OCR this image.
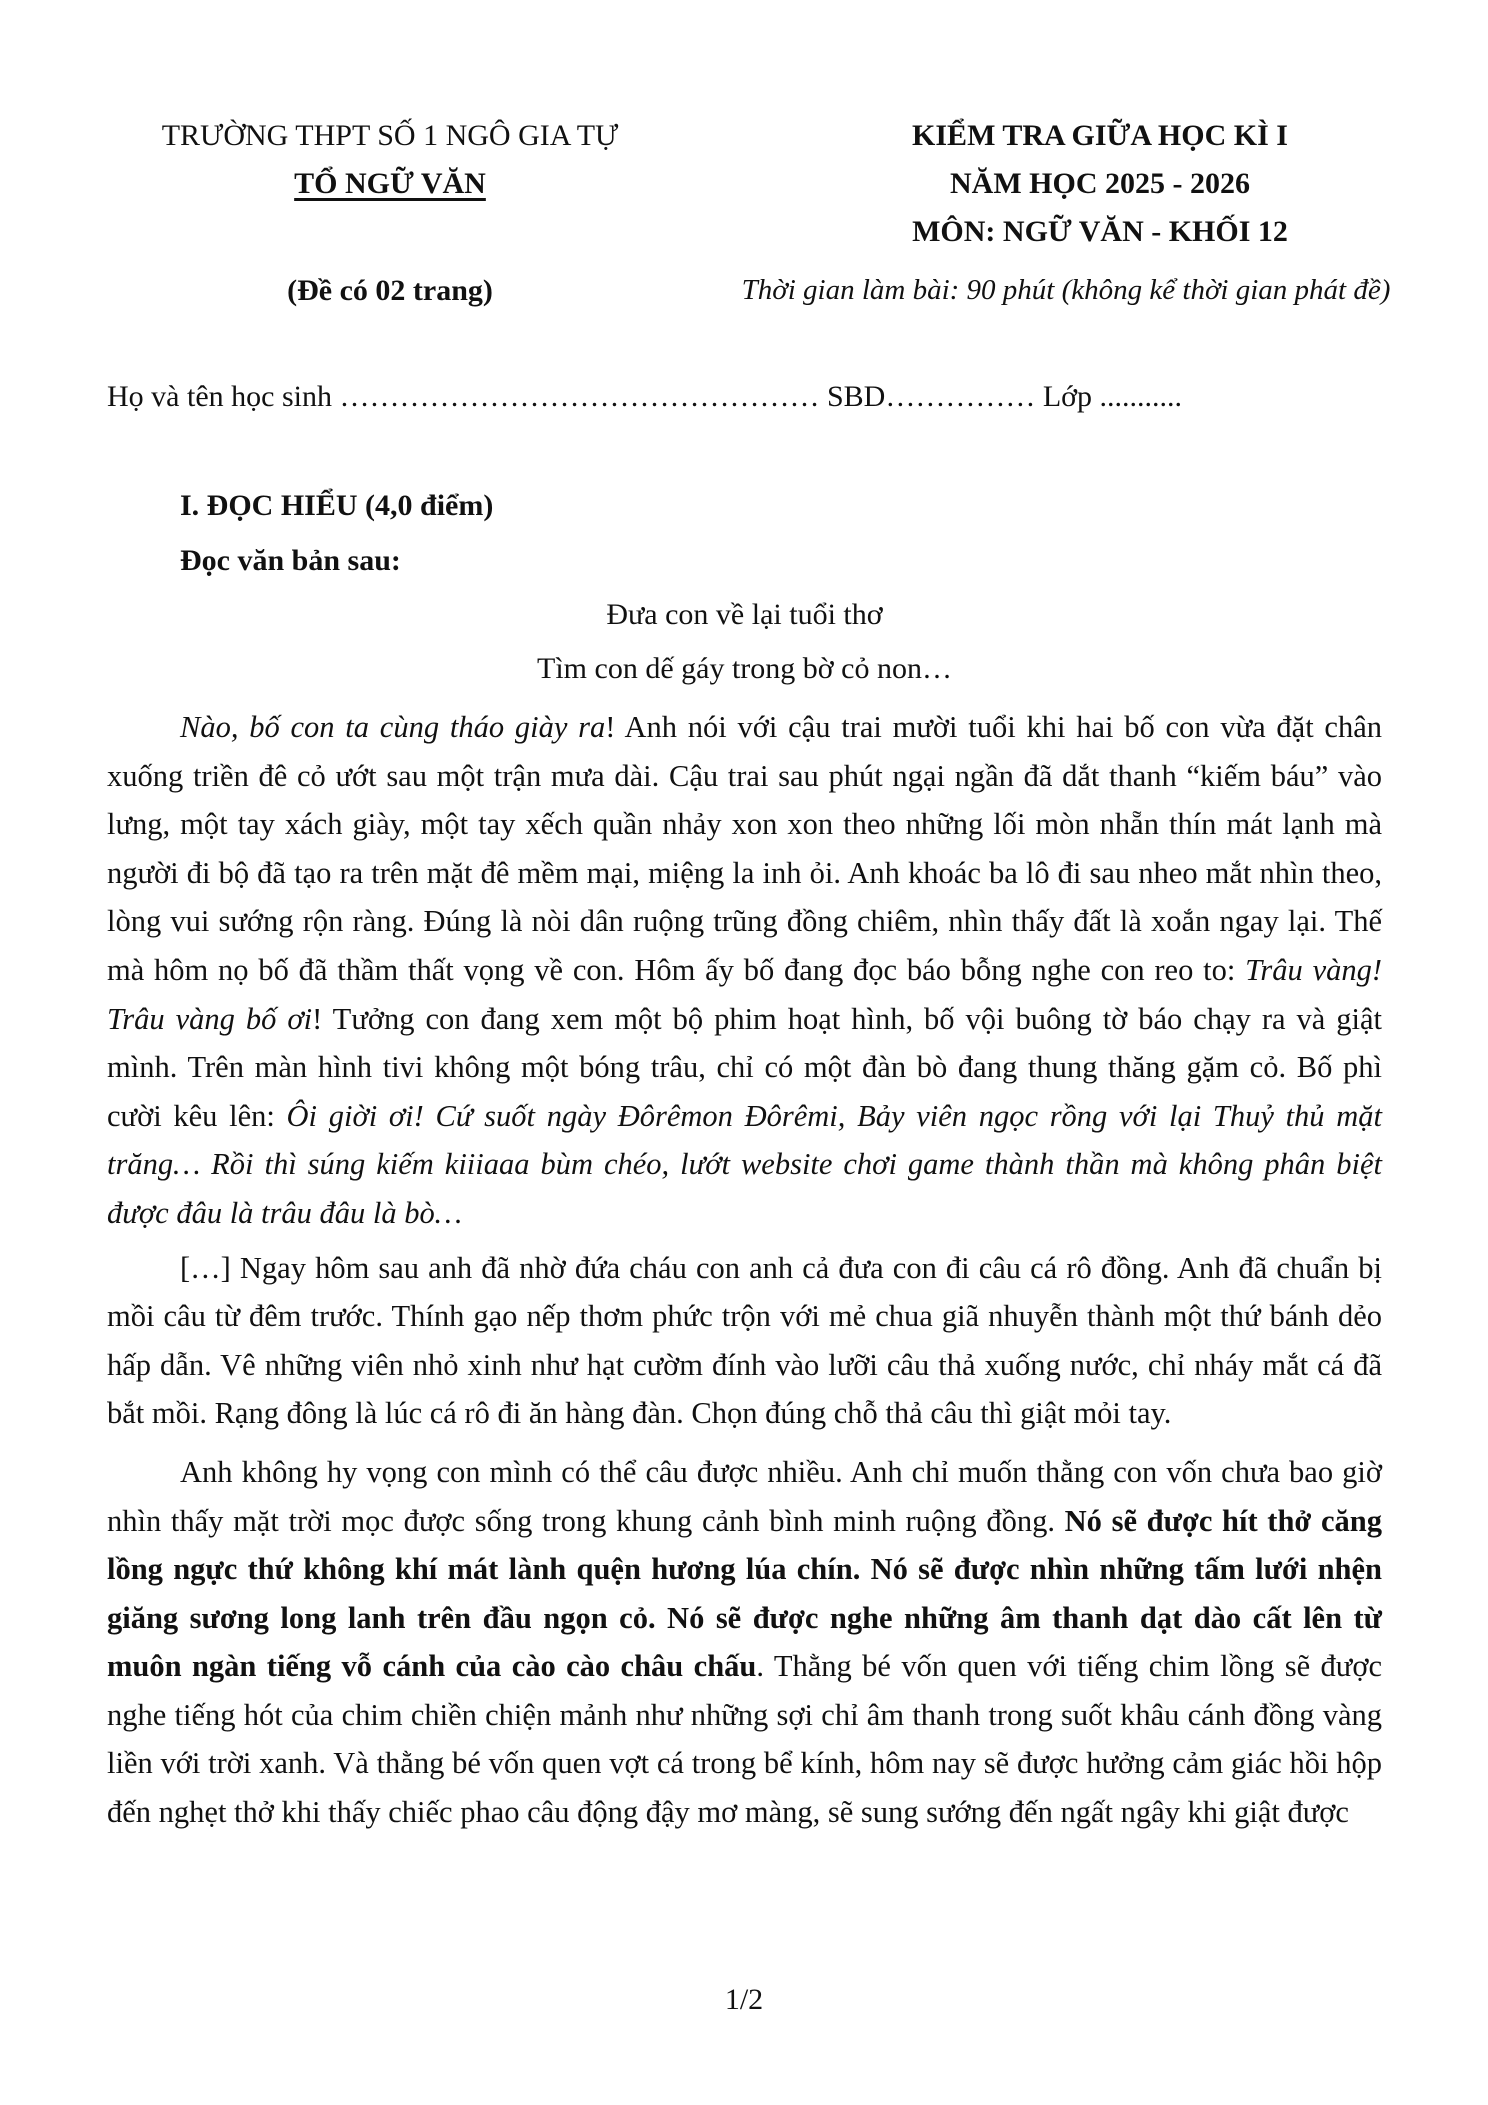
TRƯỜNG THPT SỐ 1 NGÔ GIA TỰ
TỔ NGỮ VĂN
KIỂM TRA GIỮA HỌC KÌ I
NĂM HỌC 2025 - 2026
MÔN: NGỮ VĂN - KHỐI 12
(Đề có 02 trang)	Thời gian làm bài: 90 phút (không kể thời gian phát đề)
Họ và tên học sinh ………………………………………… SBD…………… Lớp ...........
I. ĐỌC HIỂU (4,0 điểm)
Đọc văn bản sau:
Đưa con về lại tuổi thơ
Tìm con dế gáy trong bờ cỏ non…

Nào, bố con ta cùng tháo giày ra! Anh nói với cậu trai mười tuổi khi hai bố con vừa đặt chân xuống triền đê cỏ ướt sau một trận mưa dài. Cậu trai sau phút ngại ngần đã dắt thanh “kiếm báu” vào lưng, một tay xách giày, một tay xếch quần nhảy xon xon theo những lối mòn nhẵn thín mát lạnh mà người đi bộ đã tạo ra trên mặt đê mềm mại, miệng la inh ỏi. Anh khoác ba lô đi sau nheo mắt nhìn theo, lòng vui sướng rộn ràng. Đúng là nòi dân ruộng trũng đồng chiêm, nhìn thấy đất là xoắn ngay lại. Thế mà hôm nọ bố đã thầm thất vọng về con. Hôm ấy bố đang đọc báo bỗng nghe con reo to: Trâu vàng! Trâu vàng bố ơi! Tưởng con đang xem một bộ phim hoạt hình, bố vội buông tờ báo chạy ra và giật mình. Trên màn hình tivi không một bóng trâu, chỉ có một đàn bò đang thung thăng gặm cỏ. Bố phì cười kêu lên: Ôi giời ơi! Cứ suốt ngày Đôrêmon Đôrêmi, Bảy viên ngọc rồng với lại Thuỷ thủ mặt trăng… Rồi thì súng kiếm kiiiaaa bùm chéo, lướt website chơi game thành thần mà không phân biệt được đâu là trâu đâu là bò…

[…] Ngay hôm sau anh đã nhờ đứa cháu con anh cả đưa con đi câu cá rô đồng. Anh đã chuẩn bị mồi câu từ đêm trước. Thính gạo nếp thơm phức trộn với mẻ chua giã nhuyễn thành một thứ bánh dẻo hấp dẫn. Vê những viên nhỏ xinh như hạt cườm đính vào lưỡi câu thả xuống nước, chỉ nháy mắt cá đã bắt mồi. Rạng đông là lúc cá rô đi ăn hàng đàn. Chọn đúng chỗ thả câu thì giật mỏi tay.

Anh không hy vọng con mình có thể câu được nhiều. Anh chỉ muốn thằng con vốn chưa bao giờ nhìn thấy mặt trời mọc được sống trong khung cảnh bình minh ruộng đồng. Nó sẽ được hít thở căng lồng ngực thứ không khí mát lành quện hương lúa chín. Nó sẽ được nhìn những tấm lưới nhện giăng sương long lanh trên đầu ngọn cỏ. Nó sẽ được nghe những âm thanh dạt dào cất lên từ muôn ngàn tiếng vỗ cánh của cào cào châu chấu. Thằng bé vốn quen với tiếng chim lồng sẽ được nghe tiếng hót của chim chiền chiện mảnh như những sợi chỉ âm thanh trong suốt khâu cánh đồng vàng liền với trời xanh. Và thằng bé vốn quen vợt cá trong bể kính, hôm nay sẽ được hưởng cảm giác hồi hộp đến nghẹt thở khi thấy chiếc phao câu động đậy mơ màng, sẽ sung sướng đến ngất ngây khi giật được

1/2
